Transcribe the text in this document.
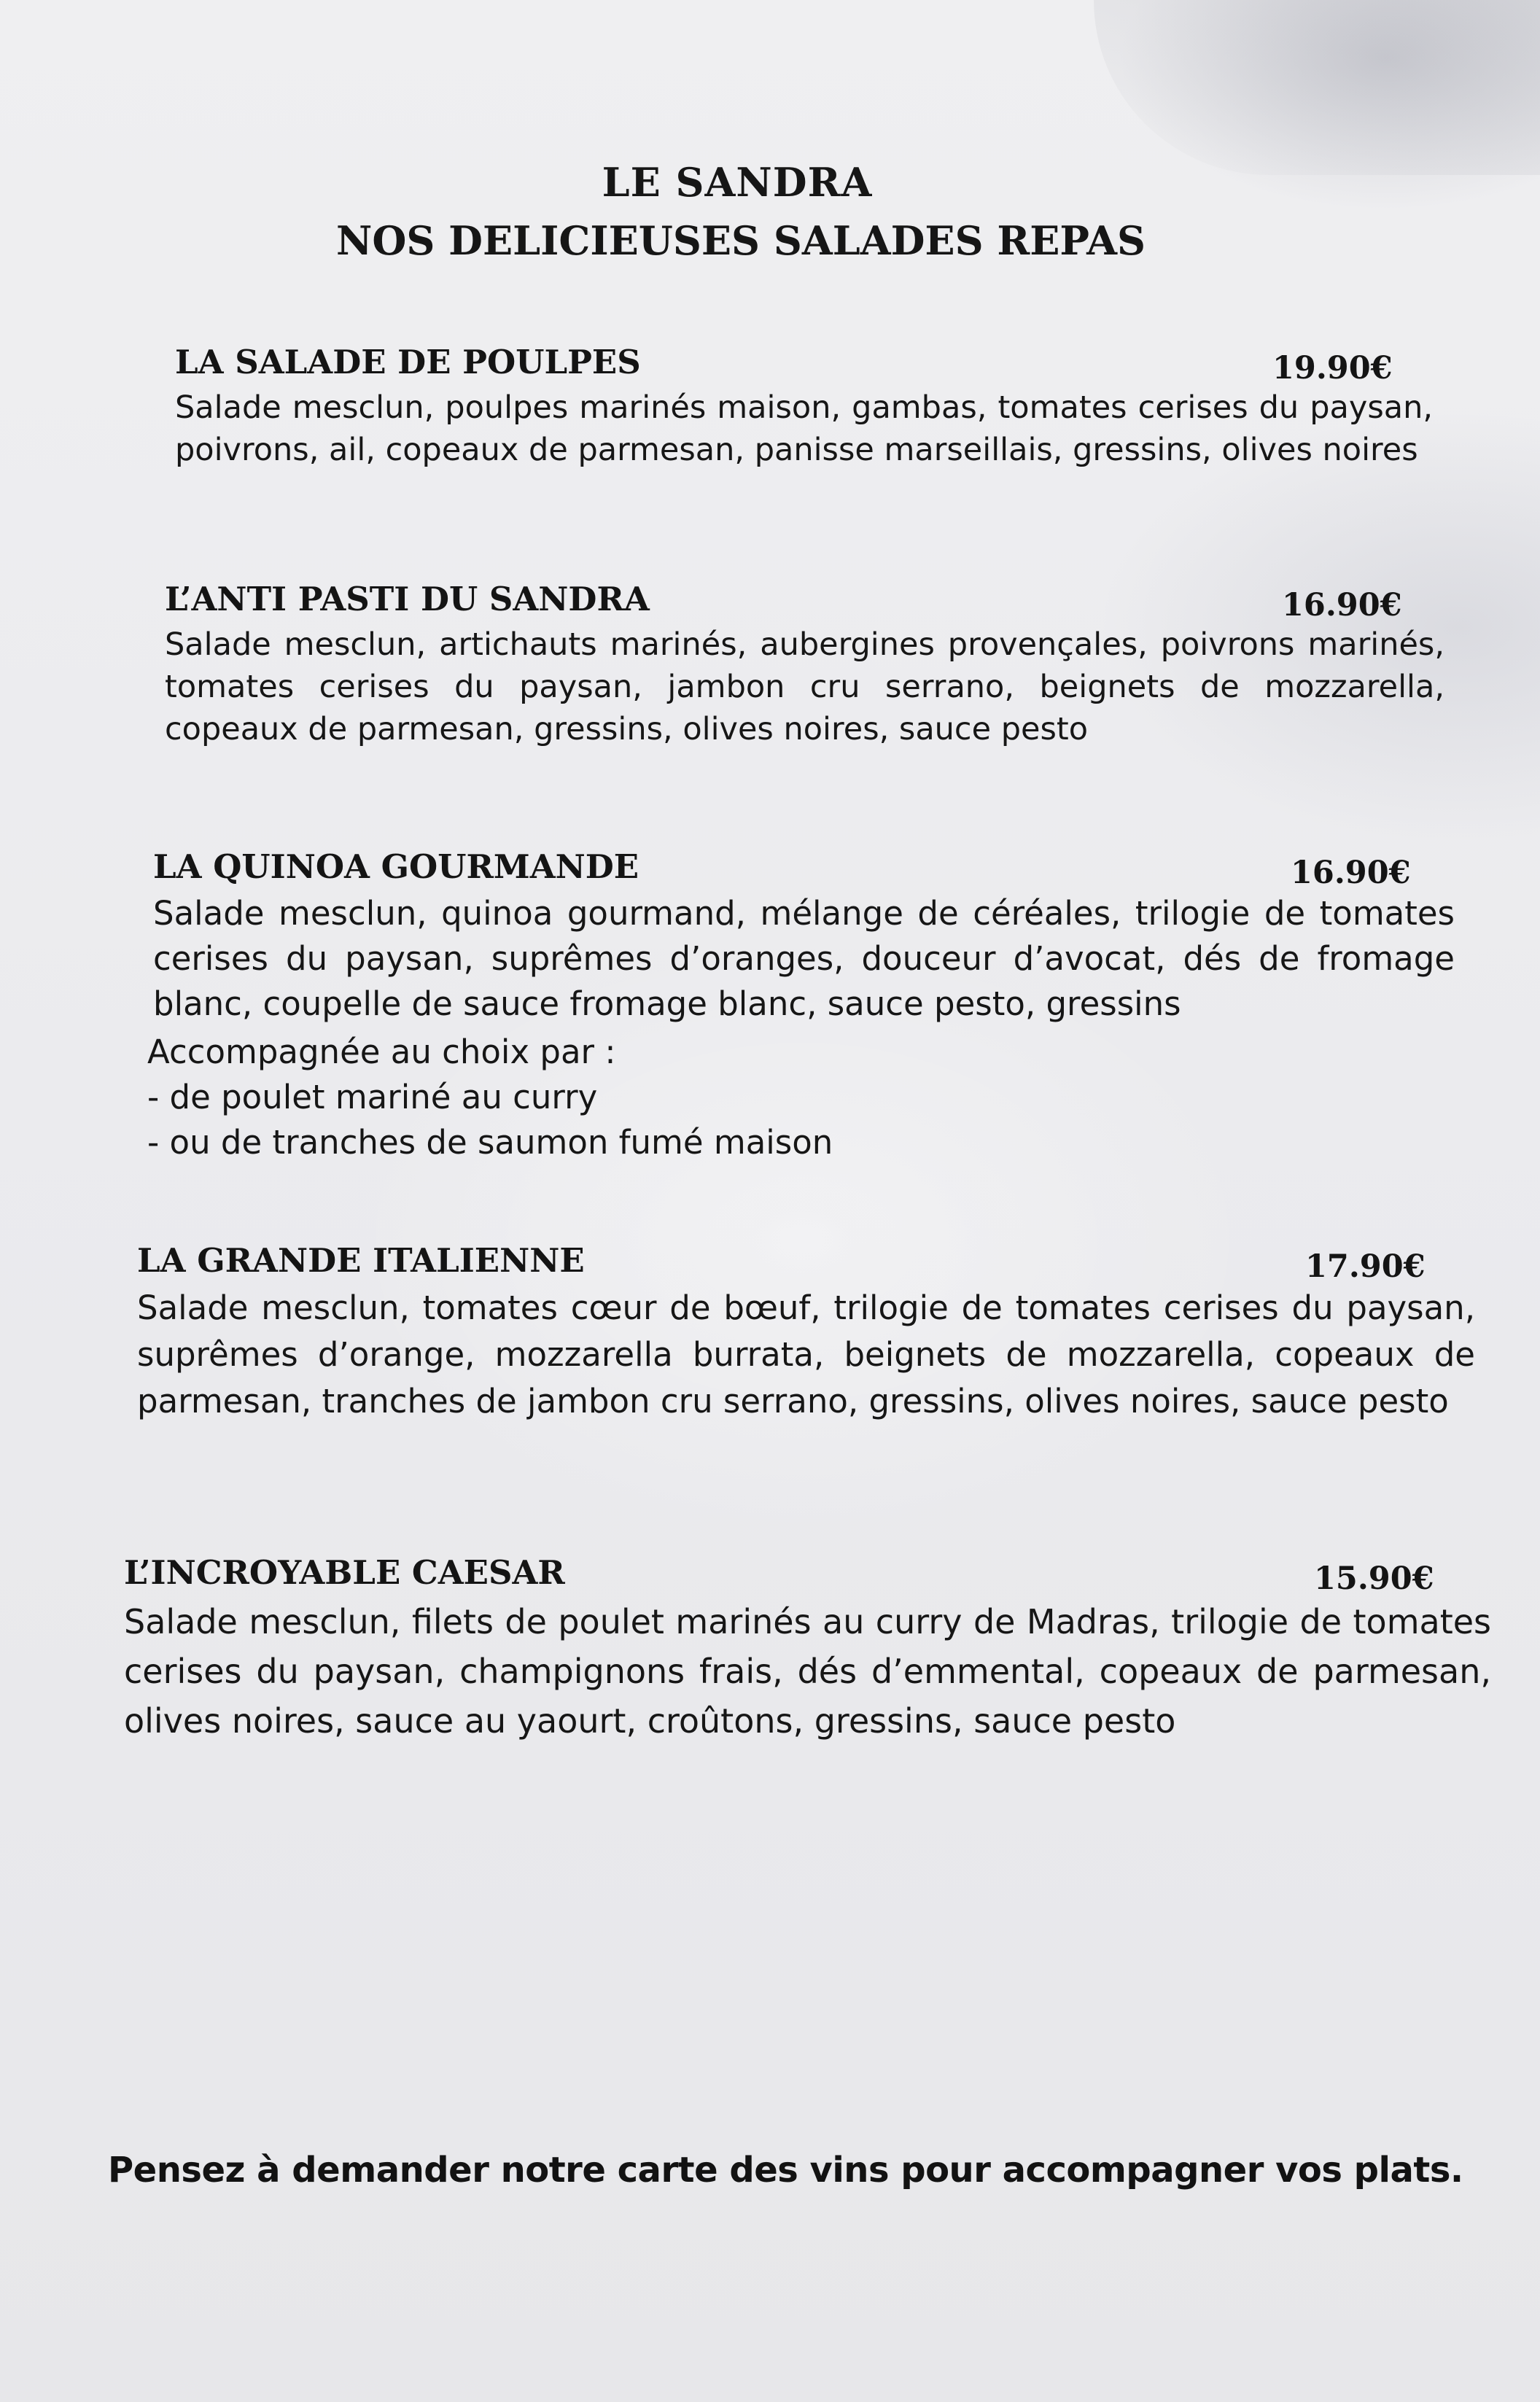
LE SANDRA
NOS DELICIEUSES SALADES REPAS
LA SALADE DE POULPES	19.90€
Salade mesclun, poulpes marinés maison, gambas, tomates cerises du paysan, poivrons, ail, copeaux de parmesan, panisse marseillais, gressins, olives noires
L’ANTI PASTI DU SANDRA	16.90€
Salade mesclun, artichauts marinés, aubergines provençales, poivrons marinés, tomates cerises du paysan, jambon cru serrano, beignets de mozzarella, copeaux de parmesan, gressins, olives noires, sauce pesto
LA QUINOA GOURMANDE	16.90€
Salade mesclun, quinoa gourmand, mélange de céréales, trilogie de tomates cerises du paysan, suprêmes d’oranges, douceur d’avocat, dés de fromage blanc, coupelle de sauce fromage blanc, sauce pesto, gressins
Accompagnée au choix par :
- de poulet mariné au curry
- ou de tranches de saumon fumé maison
LA GRANDE ITALIENNE	17.90€
Salade mesclun, tomates cœur de bœuf, trilogie de tomates cerises du paysan, suprêmes d’orange, mozzarella burrata, beignets de mozzarella, copeaux de parmesan, tranches de jambon cru serrano, gressins, olives noires, sauce pesto
L’INCROYABLE CAESAR	15.90€
Salade mesclun, filets de poulet marinés au curry de Madras, trilogie de tomates cerises du paysan, champignons frais, dés d’emmental, copeaux de parmesan, olives noires, sauce au yaourt, croûtons, gressins, sauce pesto
Pensez à demander notre carte des vins pour accompagner vos plats.
